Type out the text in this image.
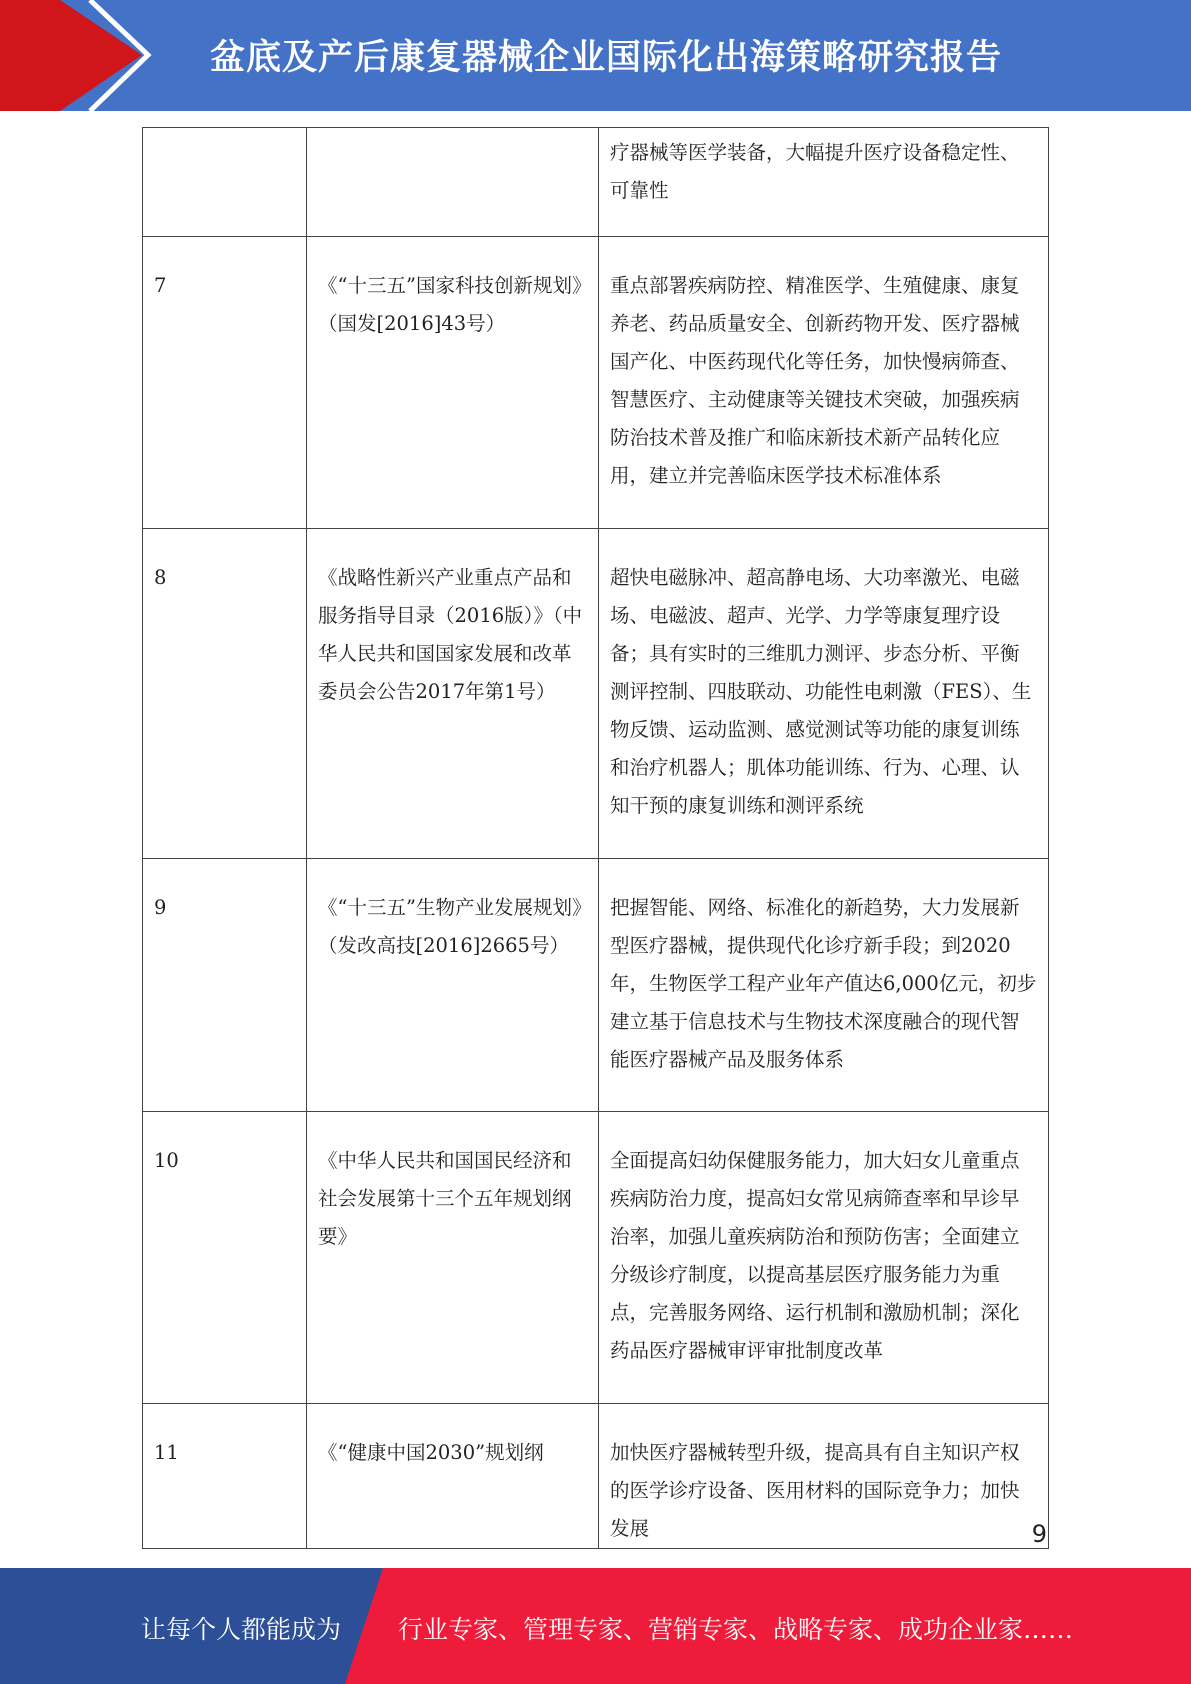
盆底及产后康复器械企业国际化出海策略研究报告

		疗器械等医学装备，大幅提升医疗设备稳定性、可靠性

7	《“十三五”国家科技创新规划》（国发[2016]43号）	重点部署疾病防控、精准医学、生殖健康、康复养老、药品质量安全、创新药物开发、医疗器械国产化、中医药现代化等任务，加快慢病筛查、智慧医疗、主动健康等关键技术突破，加强疾病防治技术普及推广和临床新技术新产品转化应用，建立并完善临床医学技术标准体系

8	《战略性新兴产业重点产品和服务指导目录（2016版）》（中华人民共和国国家发展和改革委员会公告2017年第1号）	超快电磁脉冲、超高静电场、大功率激光、电磁场、电磁波、超声、光学、力学等康复理疗设备；具有实时的三维肌力测评、步态分析、平衡测评控制、四肢联动、功能性电刺激（FES）、生物反馈、运动监测、感觉测试等功能的康复训练和治疗机器人；肌体功能训练、行为、心理、认知干预的康复训练和测评系统

9	《“十三五”生物产业发展规划》（发改高技[2016]2665号）	把握智能、网络、标准化的新趋势，大力发展新型医疗器械，提供现代化诊疗新手段；到2020年，生物医学工程产业年产值达6,000亿元，初步建立基于信息技术与生物技术深度融合的现代智能医疗器械产品及服务体系

10	《中华人民共和国国民经济和社会发展第十三个五年规划纲要》	全面提高妇幼保健服务能力，加大妇女儿童重点疾病防治力度，提高妇女常见病筛查率和早诊早治率，加强儿童疾病防治和预防伤害；全面建立分级诊疗制度，以提高基层医疗服务能力为重点，完善服务网络、运行机制和激励机制；深化药品医疗器械审评审批制度改革

11	《“健康中国2030”规划纲	加快医疗器械转型升级，提高具有自主知识产权的医学诊疗设备、医用材料的国际竞争力；加快发展	9
让每个人都能成为 行业专家、管理专家、营销专家、战略专家、成功企业家……
